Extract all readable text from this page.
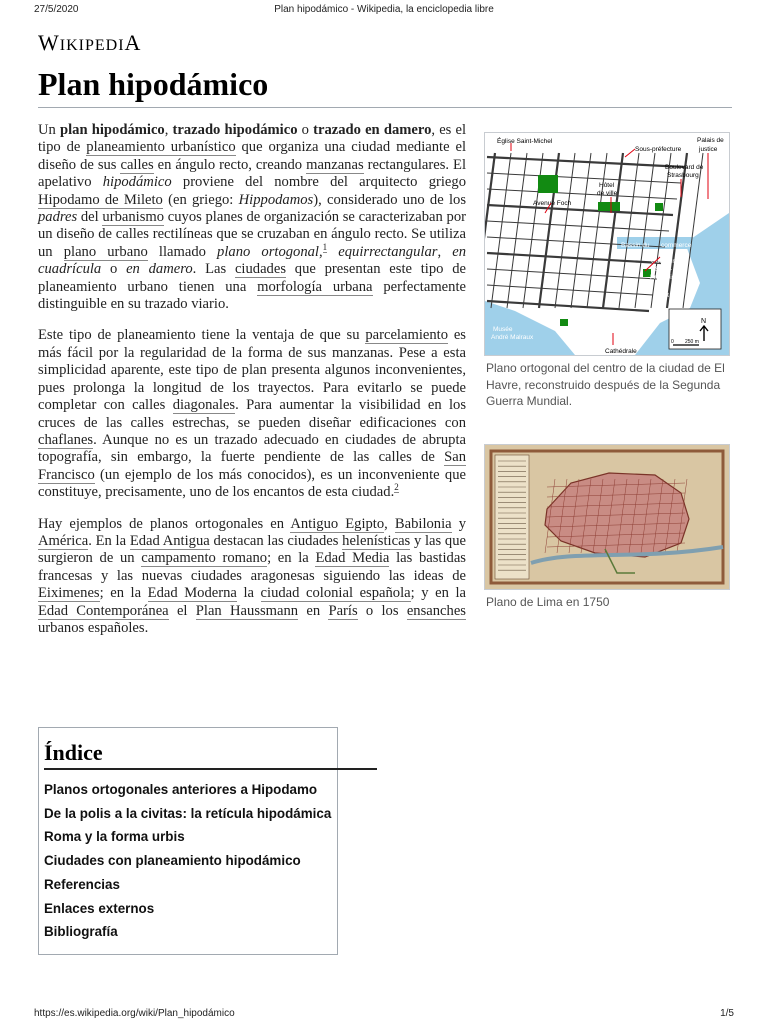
27/5/2020	Plan hipodámico - Wikipedia, la enciclopedia libre
WIKIPEDIA
Plan hipodámico
Église Saint-Michel
Sous-préfecture
Palais de
justice
Hôtel
de ville
Boulevard de
Strasbourg
Avenue Foch
Bassin du commerce
Quartier
Saint-
François
Port
Musée
André Malraux
Cathédrale
N
0 250 m
Plano ortogonal del centro de la ciudad de El Havre, reconstruido después de la Segunda Guerra Mundial.
Plano de Lima en 1750

Un plan hipodámico, trazado hipodámico o trazado en damero, es el tipo de planeamiento urbanístico que organiza una ciudad mediante el diseño de sus calles en ángulo recto, creando manzanas rectangulares. El apelativo hipodámico proviene del nombre del arquitecto griego Hipodamo de Mileto (en griego: Hippodamos), considerado uno de los padres del urbanismo cuyos planes de organización se caracterizaban por un diseño de calles rectilíneas que se cruzaban en ángulo recto. Se utiliza un plano urbano llamado plano ortogonal,$^1$ equirrectangular, en cuadrícula o en damero. Las ciudades que presentan este tipo de planeamiento urbano tienen una morfología urbana perfectamente distinguible en su trazado viario.

Este tipo de planeamiento tiene la ventaja de que su parcelamiento es más fácil por la regularidad de la forma de sus manzanas. Pese a esta simplicidad aparente, este tipo de plan presenta algunos inconvenientes, pues prolonga la longitud de los trayectos. Para evitarlo se puede completar con calles diagonales. Para aumentar la visibilidad en los cruces de las calles estrechas, se pueden diseñar edificaciones con chaflanes. Aunque no es un trazado adecuado en ciudades de abrupta topografía, sin embargo, la fuerte pendiente de las calles de San Francisco (un ejemplo de los más conocidos), es un inconveniente que constituye, precisamente, uno de los encantos de esta ciudad.$^2$

Hay ejemplos de planos ortogonales en Antiguo Egipto, Babilonia y América. En la Edad Antigua destacan las ciudades helenísticas y las que surgieron de un campamento romano; en la Edad Media las bastidas francesas y las nuevas ciudades aragonesas siguiendo las ideas de Eiximenes; en la Edad Moderna la ciudad colonial española; y en la Edad Contemporánea el Plan Haussmann en París o los ensanches urbanos españoles.

Índice
Planos ortogonales anteriores a Hipodamo
De la polis a la civitas: la retícula hipodámica
Roma y la forma urbis
Ciudades con planeamiento hipodámico
Referencias
Enlaces externos
Bibliografía
https://es.wikipedia.org/wiki/Plan_hipodámico	1/5
